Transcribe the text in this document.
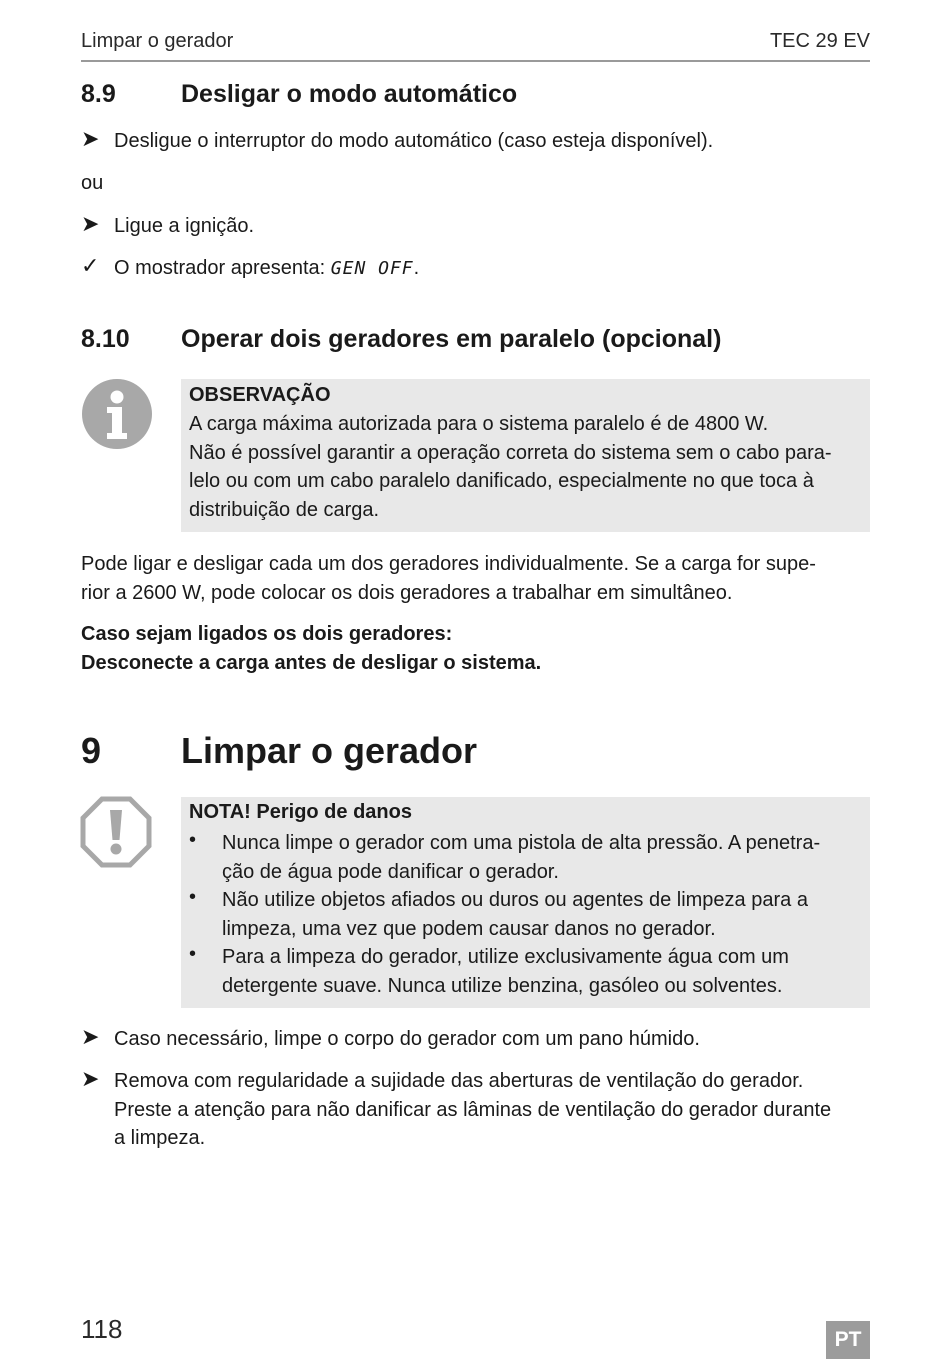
Limpar o gerador	TEC 29 EV
8.9	Desligar o modo automático
➤ Desligue o interruptor do modo automático (caso esteja disponível).
ou
➤ Ligue a ignição.
✓ O mostrador apresenta: GEN OFF.
8.10 Operar dois geradores em paralelo (opcional)
OBSERVAÇÃO
A carga máxima autorizada para o sistema paralelo é de 4800 W.
Não é possível garantir a operação correta do sistema sem o cabo para-
lelo ou com um cabo paralelo danificado, especialmente no que toca à
distribuição de carga.
Pode ligar e desligar cada um dos geradores individualmente. Se a carga for supe-
rior a 2600 W, pode colocar os dois geradores a trabalhar em simultâneo.
Caso sejam ligados os dois geradores:
Desconecte a carga antes de desligar o sistema.
9 Limpar o gerador
NOTA! Perigo de danos
• Nunca limpe o gerador com uma pistola de alta pressão. A penetra-
ção de água pode danificar o gerador.
• Não utilize objetos afiados ou duros ou agentes de limpeza para a
limpeza, uma vez que podem causar danos no gerador.
• Para a limpeza do gerador, utilize exclusivamente água com um
detergente suave. Nunca utilize benzina, gasóleo ou solventes.
➤ Caso necessário, limpe o corpo do gerador com um pano húmido.
➤ Remova com regularidade a sujidade das aberturas de ventilação do gerador.
Preste a atenção para não danificar as lâminas de ventilação do gerador durante
a limpeza.
118	PT
